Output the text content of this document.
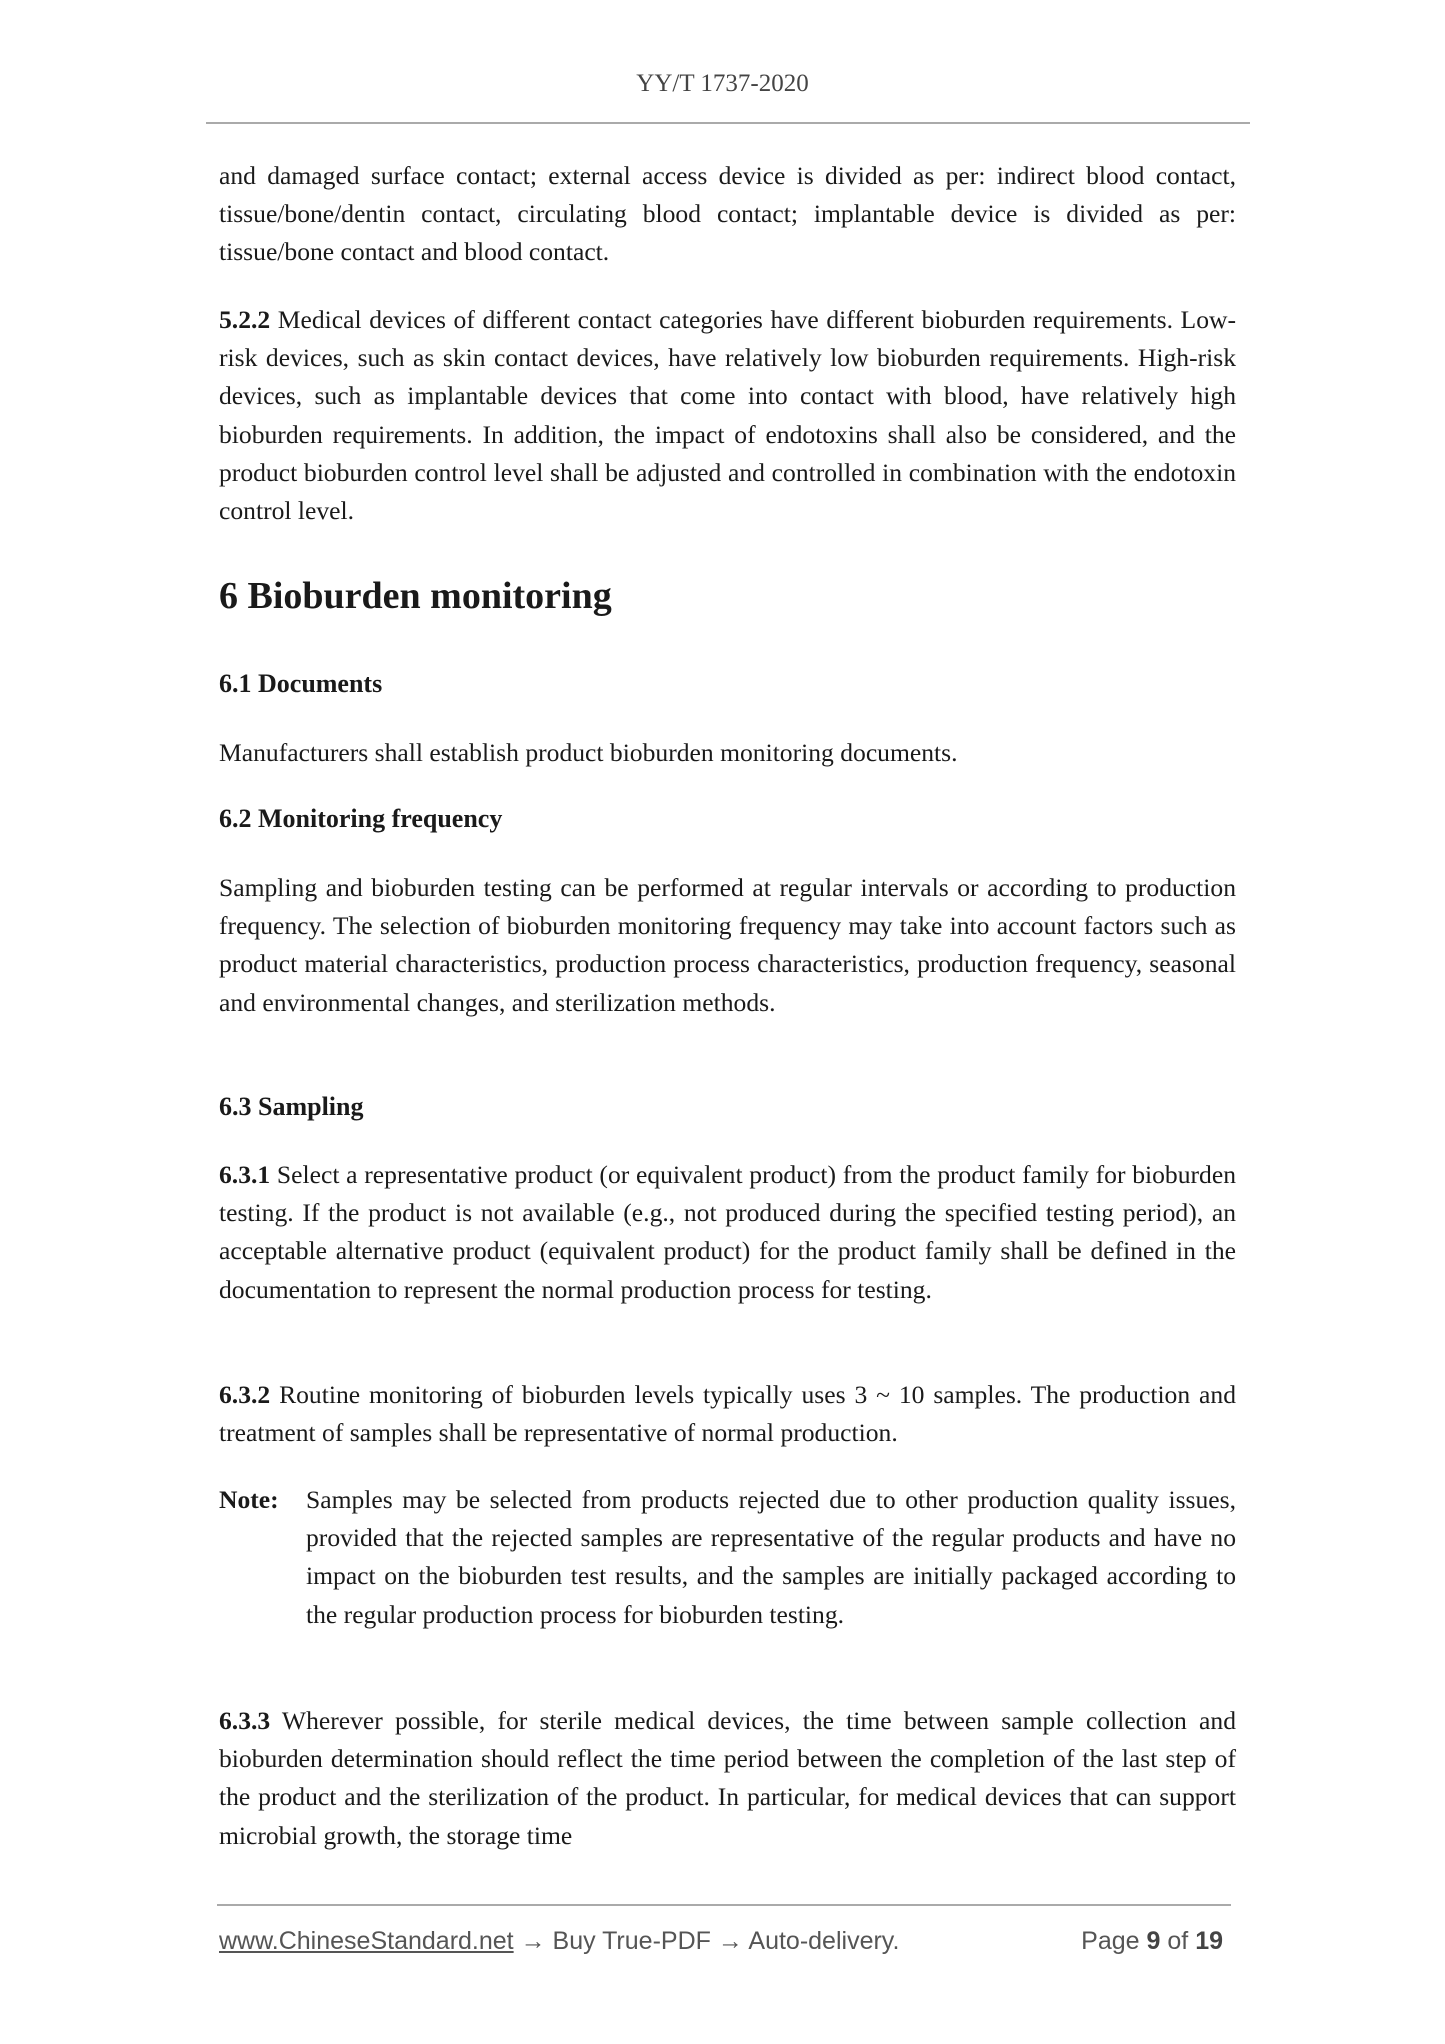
YY/T 1737-2020
and damaged surface contact; external access device is divided as per: indirect blood contact, tissue/bone/dentin contact, circulating blood contact; implantable device is divided as per: tissue/bone contact and blood contact.
5.2.2 Medical devices of different contact categories have different bioburden requirements. Low-risk devices, such as skin contact devices, have relatively low bioburden requirements. High-risk devices, such as implantable devices that come into contact with blood, have relatively high bioburden requirements. In addition, the impact of endotoxins shall also be considered, and the product bioburden control level shall be adjusted and controlled in combination with the endotoxin control level.
6 Bioburden monitoring
6.1 Documents
Manufacturers shall establish product bioburden monitoring documents.
6.2 Monitoring frequency
Sampling and bioburden testing can be performed at regular intervals or according to production frequency. The selection of bioburden monitoring frequency may take into account factors such as product material characteristics, production process characteristics, production frequency, seasonal and environmental changes, and sterilization methods.
6.3 Sampling
6.3.1 Select a representative product (or equivalent product) from the product family for bioburden testing. If the product is not available (e.g., not produced during the specified testing period), an acceptable alternative product (equivalent product) for the product family shall be defined in the documentation to represent the normal production process for testing.
6.3.2 Routine monitoring of bioburden levels typically uses 3 ~ 10 samples. The production and treatment of samples shall be representative of normal production.
Note:	Samples may be selected from products rejected due to other production quality issues, provided that the rejected samples are representative of the regular products and have no impact on the bioburden test results, and the samples are initially packaged according to the regular production process for bioburden testing.
6.3.3 Wherever possible, for sterile medical devices, the time between sample collection and bioburden determination should reflect the time period between the completion of the last step of the product and the sterilization of the product. In particular, for medical devices that can support microbial growth, the storage time
www.ChineseStandard.net → Buy True-PDF → Auto-delivery.	Page 9 of 19
